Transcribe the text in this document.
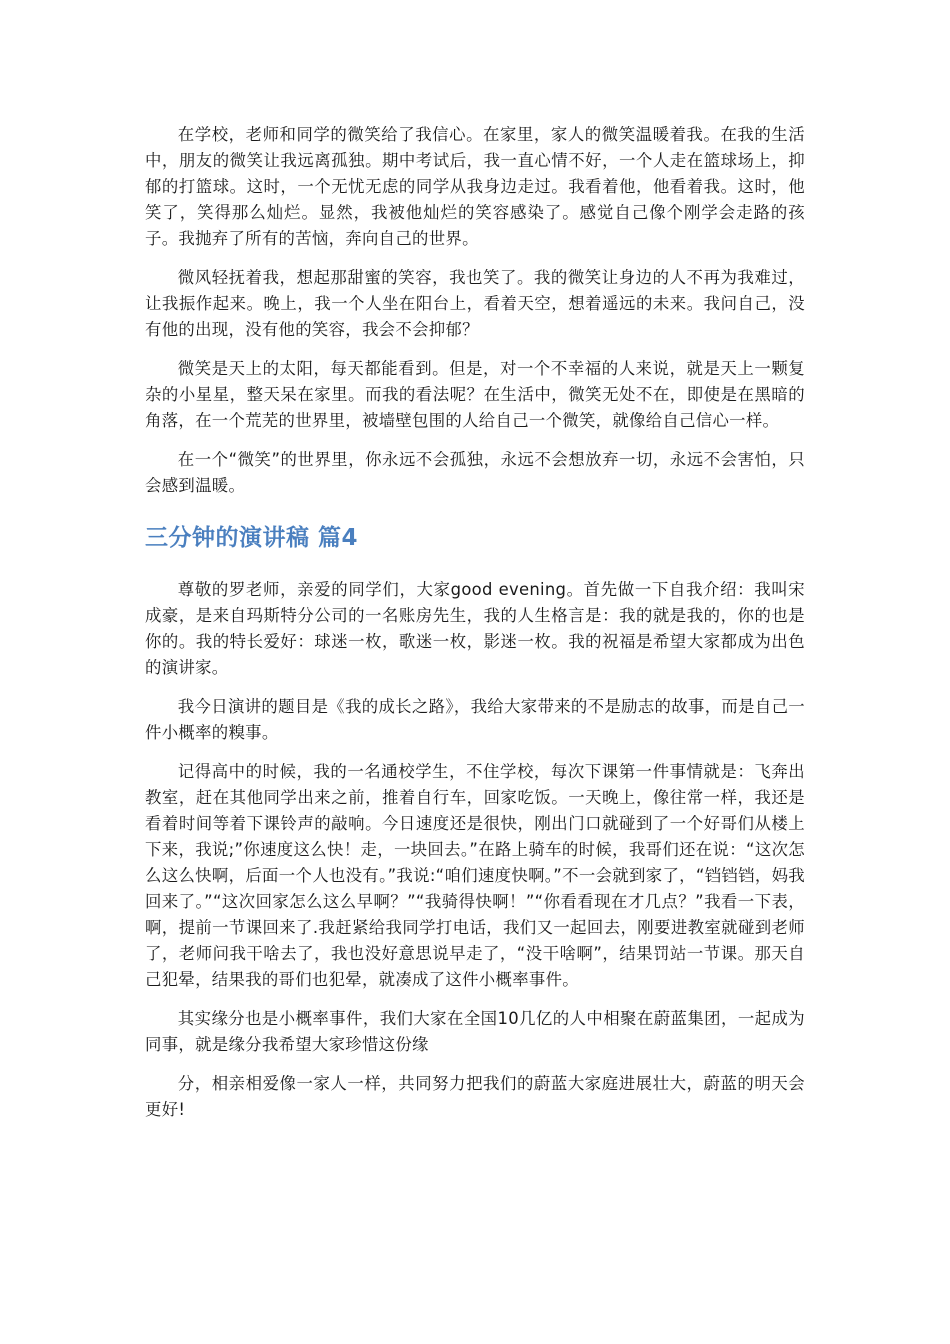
在学校，老师和同学的微笑给了我信心。在家里，家人的微笑温暖着我。在我的生活中，朋友的微笑让我远离孤独。期中考试后，我一直心情不好，一个人走在篮球场上，抑郁的打篮球。这时，一个无忧无虑的同学从我身边走过。我看着他，他看着我。这时，他笑了，笑得那么灿烂。显然，我被他灿烂的笑容感染了。感觉自己像个刚学会走路的孩子。我抛弃了所有的苦恼，奔向自己的世界。

微风轻抚着我，想起那甜蜜的笑容，我也笑了。我的微笑让身边的人不再为我难过，让我振作起来。晚上，我一个人坐在阳台上，看着天空，想着遥远的未来。我问自己，没有他的出现，没有他的笑容，我会不会抑郁？

微笑是天上的太阳，每天都能看到。但是，对一个不幸福的人来说，就是天上一颗复杂的小星星，整天呆在家里。而我的看法呢？在生活中，微笑无处不在，即使是在黑暗的角落，在一个荒芜的世界里，被墙壁包围的人给自己一个微笑，就像给自己信心一样。

在一个“微笑”的世界里，你永远不会孤独，永远不会想放弃一切，永远不会害怕，只会感到温暖。

三分钟的演讲稿 篇4

尊敬的罗老师，亲爱的同学们，大家good evening。首先做一下自我介绍：我叫宋成豪，是来自玛斯特分公司的一名账房先生，我的人生格言是：我的就是我的，你的也是你的。我的特长爱好：球迷一枚，歌迷一枚，影迷一枚。我的祝福是希望大家都成为出色的演讲家。

我今日演讲的题目是《我的成长之路》，我给大家带来的不是励志的故事，而是自己一件小概率的糗事。

记得高中的时候，我的一名通校学生，不住学校，每次下课第一件事情就是：飞奔出教室，赶在其他同学出来之前，推着自行车，回家吃饭。一天晚上，像往常一样，我还是看着时间等着下课铃声的敲响。今日速度还是很快，刚出门口就碰到了一个好哥们从楼上下来，我说;”你速度这么快！走，一块回去。”在路上骑车的时候，我哥们还在说：“这次怎么这么快啊，后面一个人也没有。”我说:“咱们速度快啊。”不一会就到家了，“铛铛铛，妈我回来了。”“这次回家怎么这么早啊？”“我骑得快啊！”“你看看现在才几点？”我看一下表，啊，提前一节课回来了.我赶紧给我同学打电话，我们又一起回去，刚要进教室就碰到老师了，老师问我干啥去了，我也没好意思说早走了，“没干啥啊”，结果罚站一节课。那天自己犯晕，结果我的哥们也犯晕，就凑成了这件小概率事件。

其实缘分也是小概率事件，我们大家在全国10几亿的人中相聚在蔚蓝集团，一起成为同事，就是缘分我希望大家珍惜这份缘

分，相亲相爱像一家人一样，共同努力把我们的蔚蓝大家庭进展壮大，蔚蓝的明天会更好!
